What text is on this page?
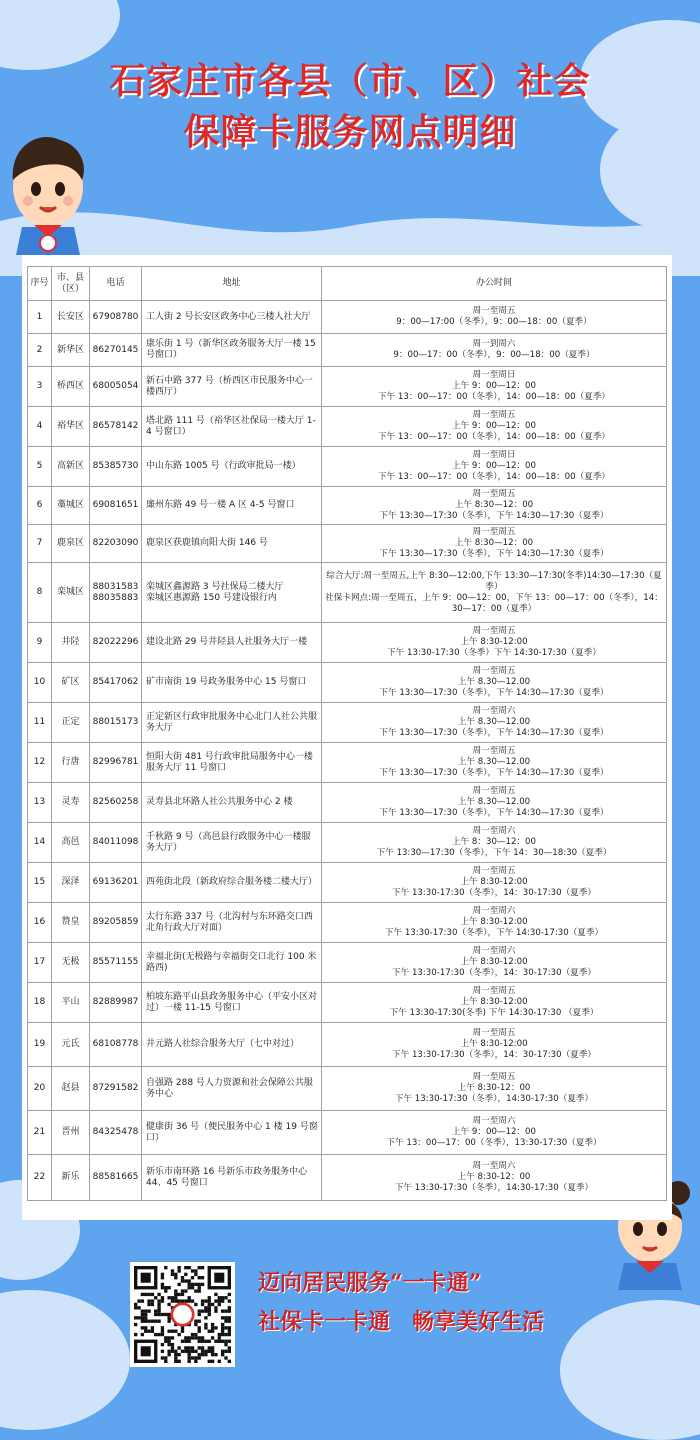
石家庄市各县（市、区）社会
保障卡服务网点明细
序号	市、县（区）	电话	地址	办公时间
1	长安区	67908780	工人街 2 号长安区政务中心三楼人社大厅	周一至周五
9：00—17:00（冬季），9：00—18：00（夏季）
2	新华区	86270145	康乐街 1 号（新华区政务服务大厅一楼 15 号窗口）	周一到周六
9：00—17：00（冬季），9：00—18：00（夏季）
3	桥西区	68005054	新石中路 377 号（桥西区市民服务中心一楼西厅）	周一至周日
上午 9：00—12：00
下午 13：00—17：00（冬季），14：00—18：00（夏季）
4	裕华区	86578142	塔北路 111 号（裕华区社保局一楼大厅 1-4 号窗口）	周一至周五
上午 9：00—12：00
下午 13：00—17：00（冬季），14：00—18：00（夏季）
5	高新区	85385730	中山东路 1005 号（行政审批局一楼）	周一至周日
上午 9：00—12：00
下午 13：00—17：00（冬季），14：00—18：00（夏季）
6	藁城区	69081651	廉州东路 49 号一楼 A 区 4-5 号窗口	周一至周五
上午 8:30—12：00
下午 13:30—17:30（冬季），下午 14:30—17:30（夏季）
7	鹿泉区	82203090	鹿泉区获鹿镇向阳大街 146 号	周一至周五
上午 8:30—12：00
下午 13:30—17:30（冬季），下午 14:30—17:30（夏季）
8	栾城区	88031583
88035883	栾城区鑫源路 3 号社保局二楼大厅
栾城区惠源路 150 号建设银行内	综合大厅:周一至周五,上午 8:30—12:00,下午 13:30—17:30(冬季)14:30—17:30（夏季）
社保卡网点:周一至周五，上午 9：00—12：00，下午 13：00—17：00（冬季），14：30—17：00（夏季）
9	井陉	82022296	建设北路 29 号井陉县人社服务大厅一楼	周一至周五
上午 8:30-12:00
下午 13:30-17:30（冬季）下午 14:30-17:30（夏季）
10	矿区	85417062	矿市南街 19 号政务服务中心 15 号窗口	周一至周五
上午 8.30—12.00
下午 13:30—17:30（冬季），下午 14:30—17:30（夏季）
11	正定	88015173	正定新区行政审批服务中心北门人社公共服务大厅	周一至周六
上午 8.30—12.00
下午 13:30—17:30（冬季），下午 14:30—17:30（夏季）
12	行唐	82996781	恒阳大街 481 号行政审批局服务中心一楼服务大厅 11 号窗口	周一至周五
上午 8.30—12.00
下午 13:30—17:30（冬季），下午 14:30—17:30（夏季）
13	灵寿	82560258	灵寿县北环路人社公共服务中心 2 楼	周一至周五
上午 8.30—12.00
下午 13:30—17:30（冬季），下午 14:30—17:30（夏季）
14	高邑	84011098	千秋路 9 号（高邑县行政服务中心一楼服务大厅）	周一至周六
上午 8：30—12：00
下午 13:30—17:30（冬季），下午 14：30—18:30（夏季）
15	深泽	69136201	西苑街北段（新政府综合服务楼二楼大厅）	周一至周五
上午 8:30-12:00
下午 13:30-17:30（冬季），14：30-17:30（夏季）
16	赞皇	89205859	太行东路 337 号（北沟村与东环路交口西北角行政大厅对面）	周一至周六
上午 8:30-12:00
下午 13:30-17:30（冬季），下午 14:30-17:30（夏季）
17	无极	85571155	幸福北街(无极路与幸福街交口北行 100 米路西)	周一至周六
上午 8:30-12:00
下午 13:30-17:30（冬季），14：30-17:30（夏季）
18	平山	82889987	柏坡东路平山县政务服务中心（平安小区对过）一楼 11-15 号窗口	周一至周五
上午 8:30-12:00
下午 13:30-17:30(冬季) 下午 14:30-17:30 （夏季）
19	元氏	68108778	井元路人社综合服务大厅（七中对过）	周一至周五
上午 8:30-12:00
下午 13:30-17:30（冬季），14：30-17:30（夏季）
20	赵县	87291582	自强路 288 号人力资源和社会保障公共服务中心	周一至周五
上午 8:30-12：00
下午 13:30-17:30（冬季），14:30-17:30（夏季）
21	晋州	84325478	健康街 36 号（便民服务中心 1 楼 19 号窗口）	周一至周六
上午 9：00—12：00
下午 13：00—17：00（冬季），13:30-17:30（夏季）
22	新乐	88581665	新乐市南环路 16 号新乐市政务服务中心 44、45 号窗口	周一至周六
上午 8:30-12：00
下午 13:30-17:30（冬季），14:30-17:30（夏季）
迈向居民服务“一卡通”
社保卡一卡通　畅享美好生活
